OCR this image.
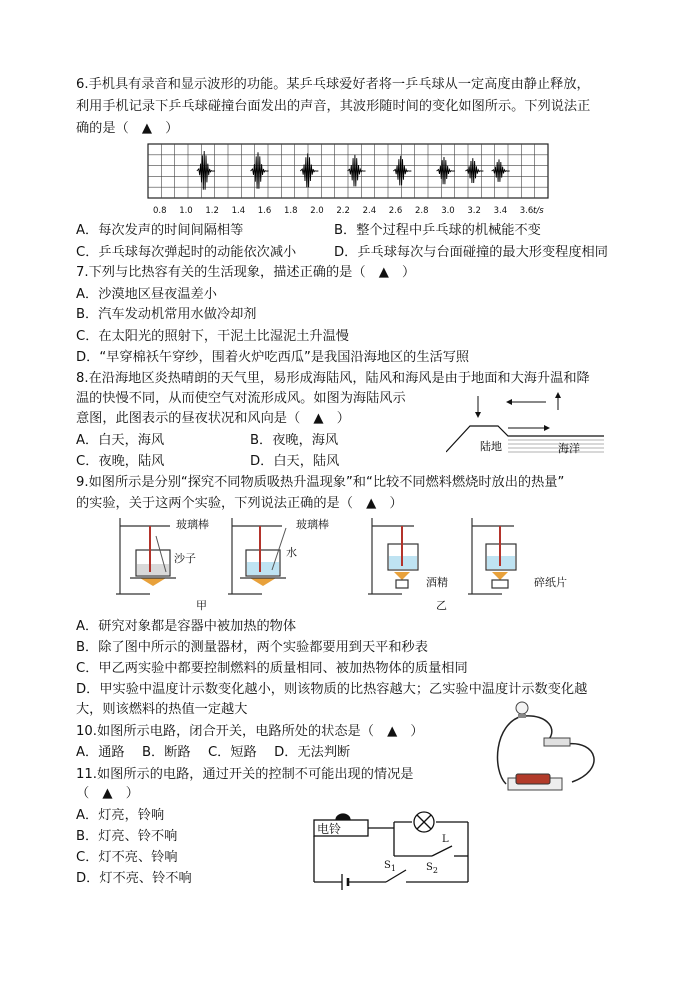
6.手机具有录音和显示波形的功能。某乒乓球爱好者将一乒乓球从一定高度由静止释放，
利用手机记录下乒乓球碰撞台面发出的声音，其波形随时间的变化如图所示。下列说法正
确的是（　▲　）
0.8 1.0 1.2 1.4 1.6 1.8 2.0 2.2 2.4 2.6 2.8 3.0 3.2 3.4 3.6 t/s
A．每次发声的时间间隔相等	B．整个过程中乒乓球的机械能不变
C．乒乓球每次弹起时的动能依次减小	D．乒乓球每次与台面碰撞的最大形变程度相同
7.下列与比热容有关的生活现象，描述正确的是（　▲　）
A．沙漠地区昼夜温差小
B．汽车发动机常用水做冷却剂
C．在太阳光的照射下，干泥土比湿泥土升温慢
D．“早穿棉袄午穿纱，围着火炉吃西瓜”是我国沿海地区的生活写照
8.在沿海地区炎热晴朗的天气里，易形成海陆风，陆风和海风是由于地面和大海升温和降
温的快慢不同，从而使空气对流形成风。如图为海陆风示
意图，此图表示的昼夜状况和风向是（　▲　）
A．白天，海风	B．夜晚，海风
C．夜晚，陆风	D．白天，陆风
陆地	海洋
9.如图所示是分别“探究不同物质吸热升温现象”和“比较不同燃料燃烧时放出的热量”
的实验，关于这两个实验，下列说法正确的是（　▲　）
玻璃棒	玻璃棒
沙子	水
酒精	碎纸片
甲	乙
A．研究对象都是容器中被加热的物体
B．除了图中所示的测量器材，两个实验都要用到天平和秒表
C．甲乙两实验中都要控制燃料的质量相同、被加热物体的质量相同
D．甲实验中温度计示数变化越小，则该物质的比热容越大；乙实验中温度计示数变化越
大，则该燃料的热值一定越大
10.如图所示电路，闭合开关，电路所处的状态是（　▲　）
A．通路　 B．断路　 C．短路　 D．无法判断
11.如图所示的电路，通过开关的控制不可能出现的情况是
（　▲　）
A．灯亮，铃响
B．灯亮、铃不响
C．灯不亮、铃响
D．灯不亮、铃不响
电铃
L
$S_1$	$S_2$
